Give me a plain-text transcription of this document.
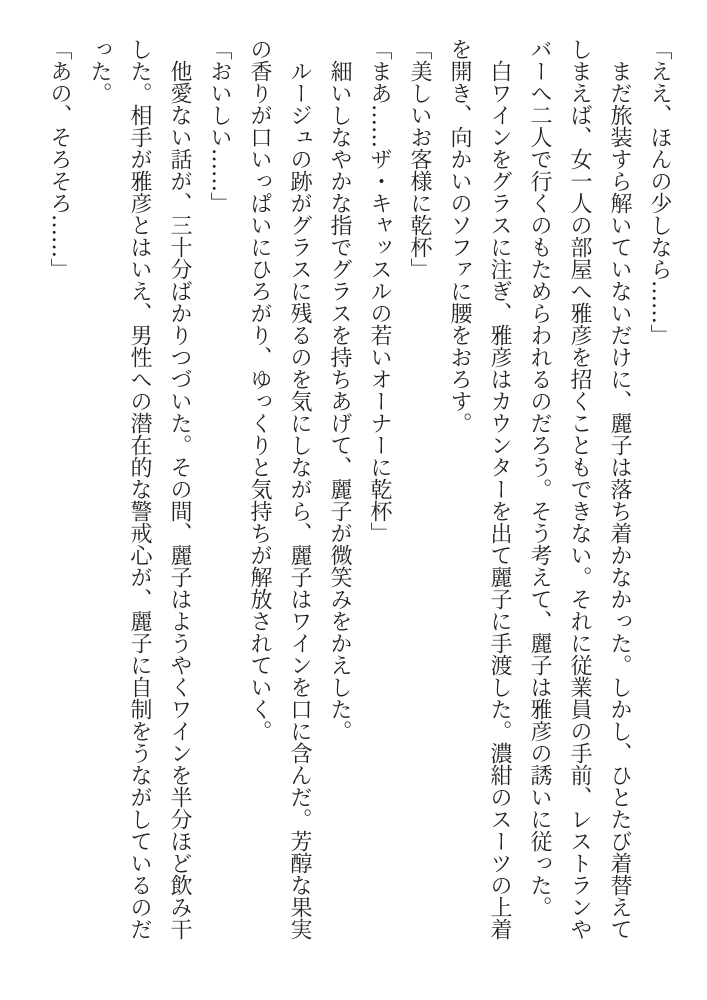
「ええ、ほんの少しなら……」

まだ旅装すら解いていないだけに、麗子は落ち着かなかった。しかし、ひとたび着替えてしまえば、女一人の部屋へ雅彦を招くこともできない。それに従業員の手前、レストランやバーへ二人で行くのもためらわれるのだろう。そう考えて、麗子は雅彦の誘いに従った。

白ワインをグラスに注ぎ、雅彦はカウンターを出て麗子に手渡した。濃紺のスーツの上着を開き、向かいのソファに腰をおろす。

「美しいお客様に乾杯」

「まあ……ザ・キャッスルの若いオーナーに乾杯」

細いしなやかな指でグラスを持ちあげて、麗子が微笑みをかえした。

ルージュの跡がグラスに残るのを気にしながら、麗子はワインを口に含んだ。芳醇な果実の香りが口いっぱいにひろがり、ゆっくりと気持ちが解放されていく。

「おいしい……」

他愛ない話が、三十分ばかりつづいた。その間、麗子はようやくワインを半分ほど飲み干した。相手が雅彦とはいえ、男性への潜在的な警戒心が、麗子に自制をうながしているのだった。

「あの、そろそろ……」
